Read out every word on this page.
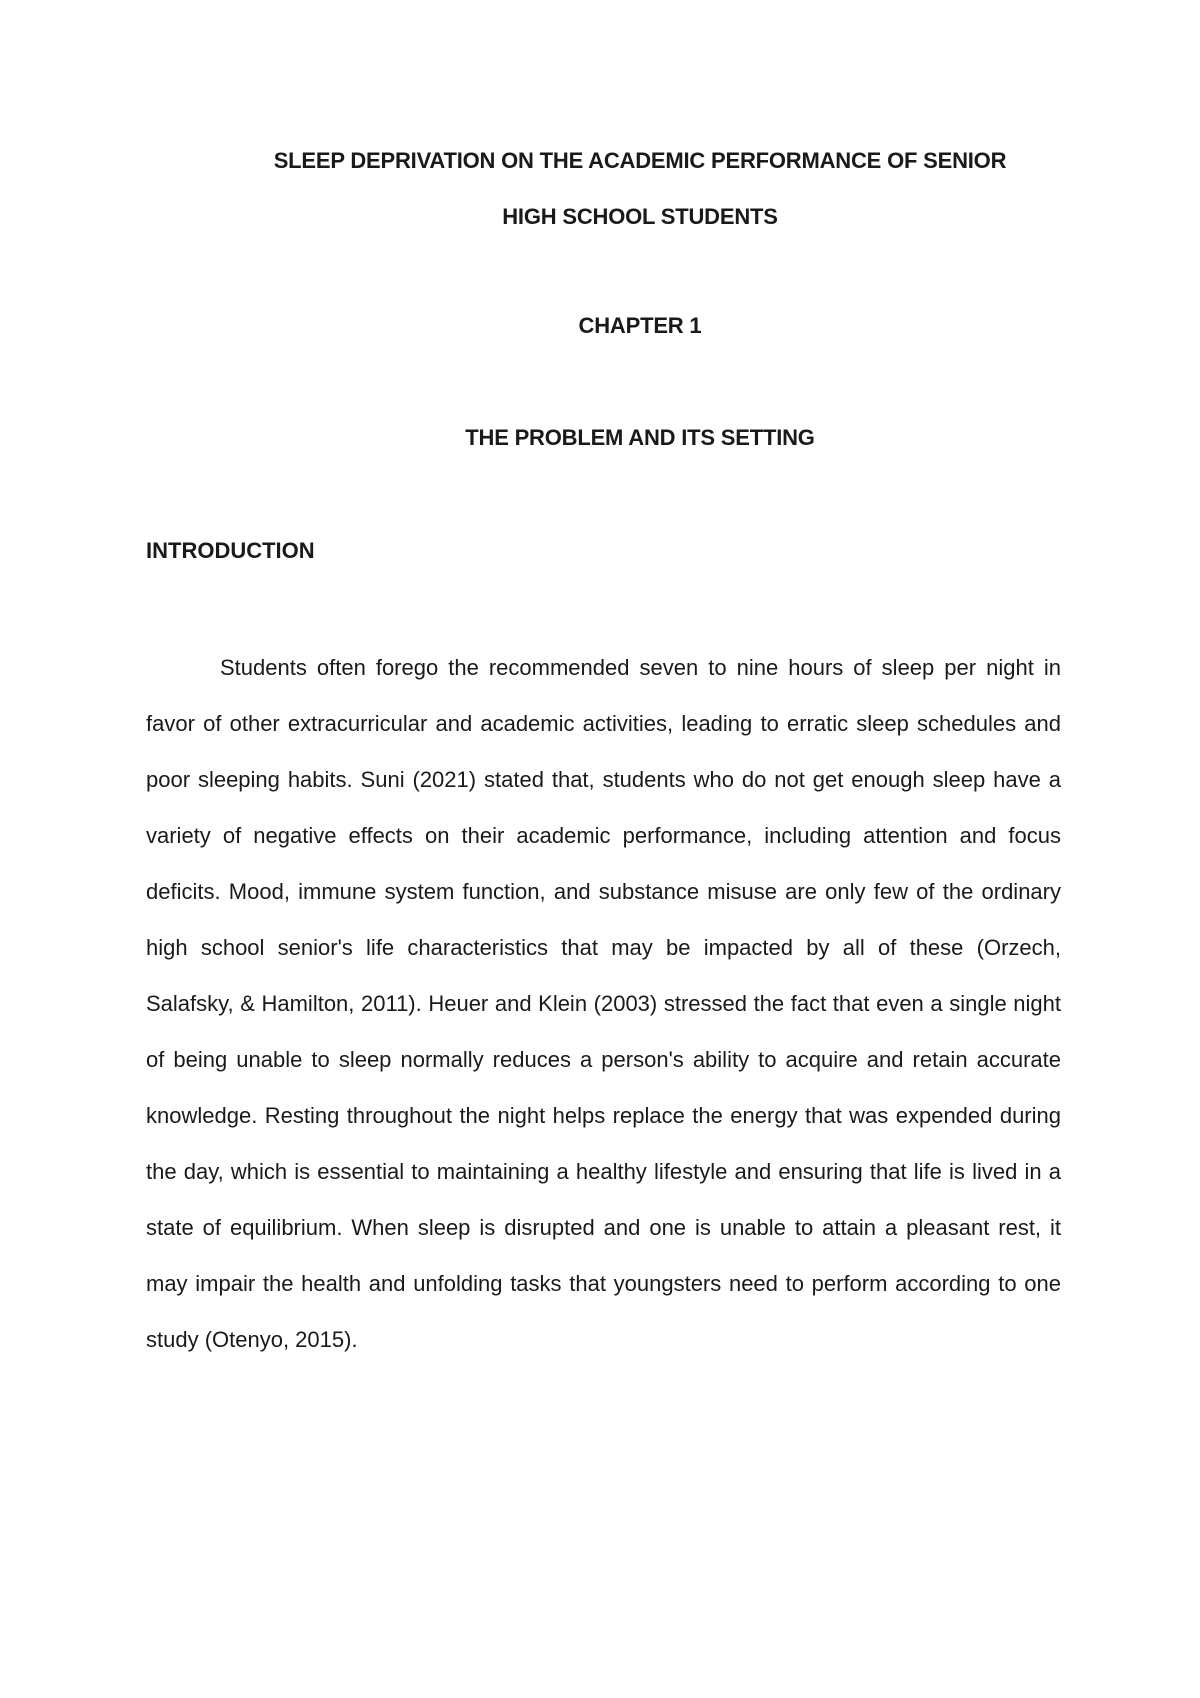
SLEEP DEPRIVATION ON THE ACADEMIC PERFORMANCE OF SENIOR
HIGH SCHOOL STUDENTS
CHAPTER 1
THE PROBLEM AND ITS SETTING
INTRODUCTION

Students often forego the recommended seven to nine hours of sleep per night in favor of other extracurricular and academic activities, leading to erratic sleep schedules and poor sleeping habits. Suni (2021) stated that, students who do not get enough sleep have a variety of negative effects on their academic performance, including attention and focus deficits. Mood, immune system function, and substance misuse are only few of the ordinary high school senior's life characteristics that may be impacted by all of these (Orzech, Salafsky, & Hamilton, 2011). Heuer and Klein (2003) stressed the fact that even a single night of being unable to sleep normally reduces a person's ability to acquire and retain accurate knowledge. Resting throughout the night helps replace the energy that was expended during the day, which is essential to maintaining a healthy lifestyle and ensuring that life is lived in a state of equilibrium. When sleep is disrupted and one is unable to attain a pleasant rest, it may impair the health and unfolding tasks that youngsters need to perform according to one study (Otenyo, 2015).
